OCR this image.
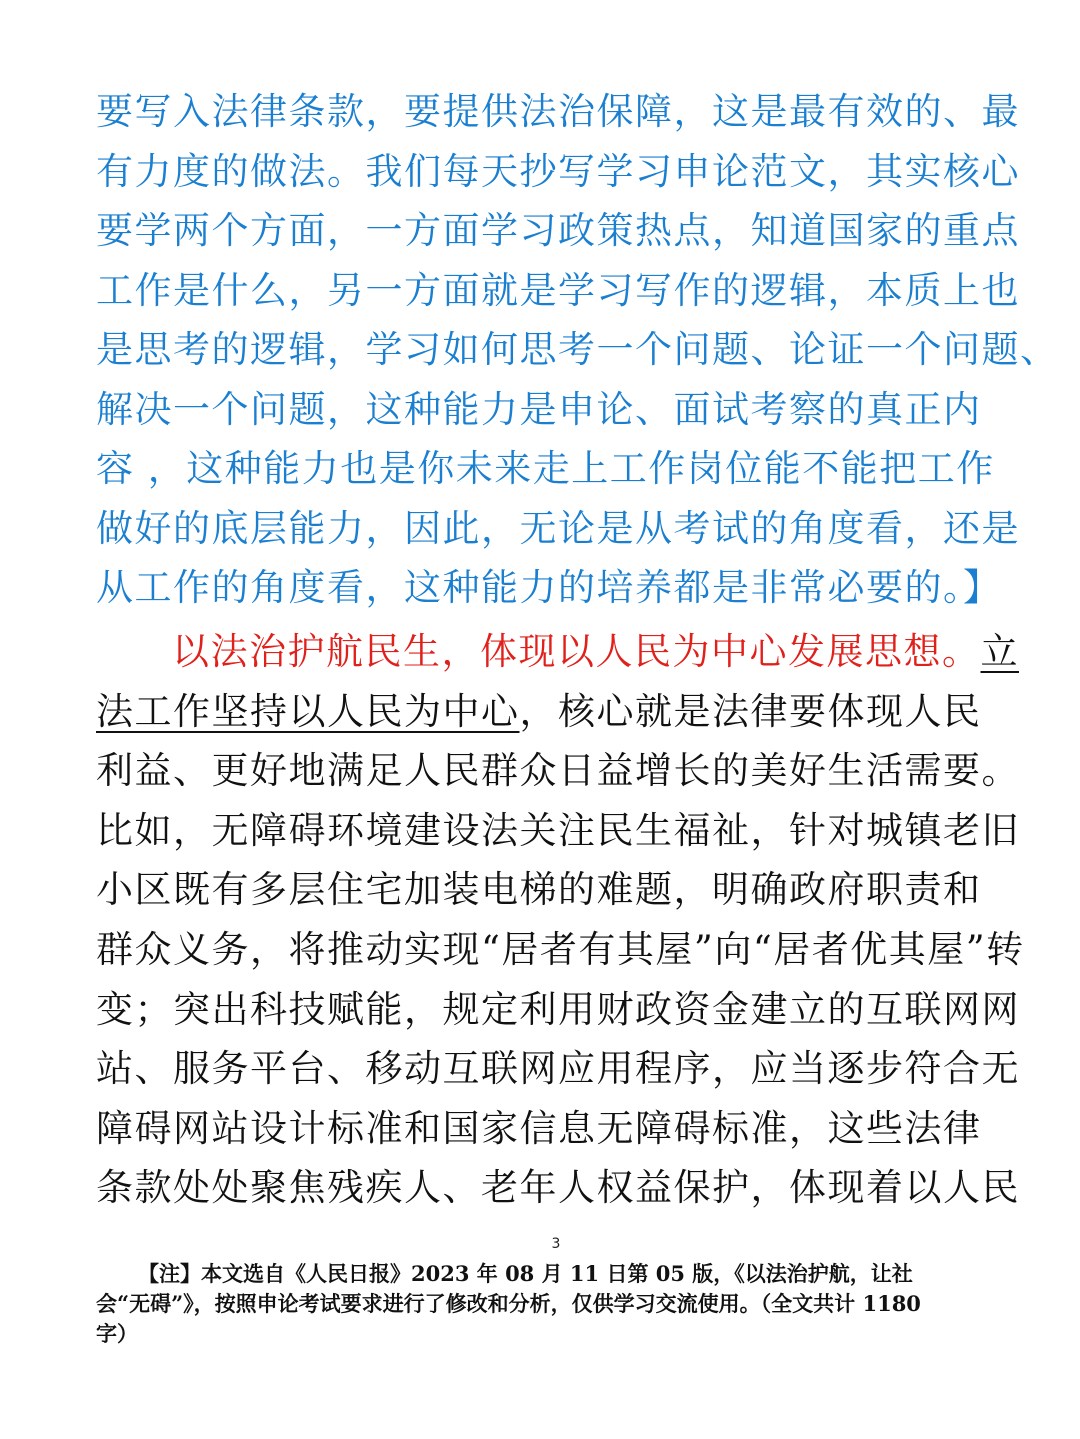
要写入法律条款，要提供法治保障，这是最有效的、最
有力度的做法。我们每天抄写学习申论范文，其实核心
要学两个方面，一方面学习政策热点，知道国家的重点
工作是什么，另一方面就是学习写作的逻辑，本质上也
是思考的逻辑，学习如何思考一个问题、论证一个问题、
解决一个问题，这种能力是申论、面试考察的真正内
容 ，这种能力也是你未来走上工作岗位能不能把工作
做好的底层能力，因此，无论是从考试的角度看，还是
从工作的角度看，这种能力的培养都是非常必要的。】
以法治护航民生，体现以人民为中心发展思想。立
法工作坚持以人民为中心，核心就是法律要体现人民
利益、更好地满足人民群众日益增长的美好生活需要。
比如，无障碍环境建设法关注民生福祉，针对城镇老旧
小区既有多层住宅加装电梯的难题，明确政府职责和
群众义务，将推动实现“居者有其屋”向“居者优其屋”转
变；突出科技赋能，规定利用财政资金建立的互联网网
站、服务平台、移动互联网应用程序，应当逐步符合无
障碍网站设计标准和国家信息无障碍标准，这些法律
条款处处聚焦残疾人、老年人权益保护，体现着以人民
3
【注】本文选自《人民日报》2023 年 08 月 11 日第 05 版，《以法治护航，让社
会“无碍”》，按照申论考试要求进行了修改和分析，仅供学习交流使用。（全文共计 1180
字）
